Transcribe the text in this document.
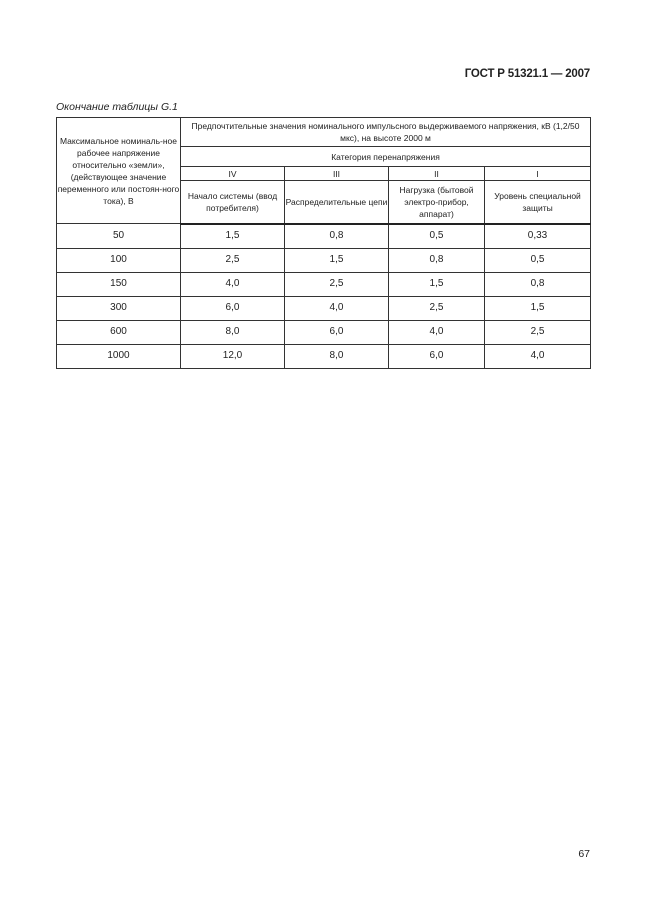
ГОСТ Р 51321.1 — 2007
Окончание таблицы G.1
Максимальное номиналь-ное рабочее напряжение относительно «земли», (действующее значение переменного или постоян-ного тока), В	Предпочтительные значения номинального импульсного выдерживаемого напряжения, кВ (1,2/50 мкс), на высоте 2000 м			
	Категория перенапряжения			
	IV	III	II	I
	Начало системы (ввод потребителя)	Распределительные цепи	Нагрузка (бытовой электро-прибор, аппарат)	Уровень специальной защиты
50	1,5	0,8	0,5	0,33
100	2,5	1,5	0,8	0,5
150	4,0	2,5	1,5	0,8
300	6,0	4,0	2,5	1,5
600	8,0	6,0	4,0	2,5
1000	12,0	8,0	6,0	4,0
67
